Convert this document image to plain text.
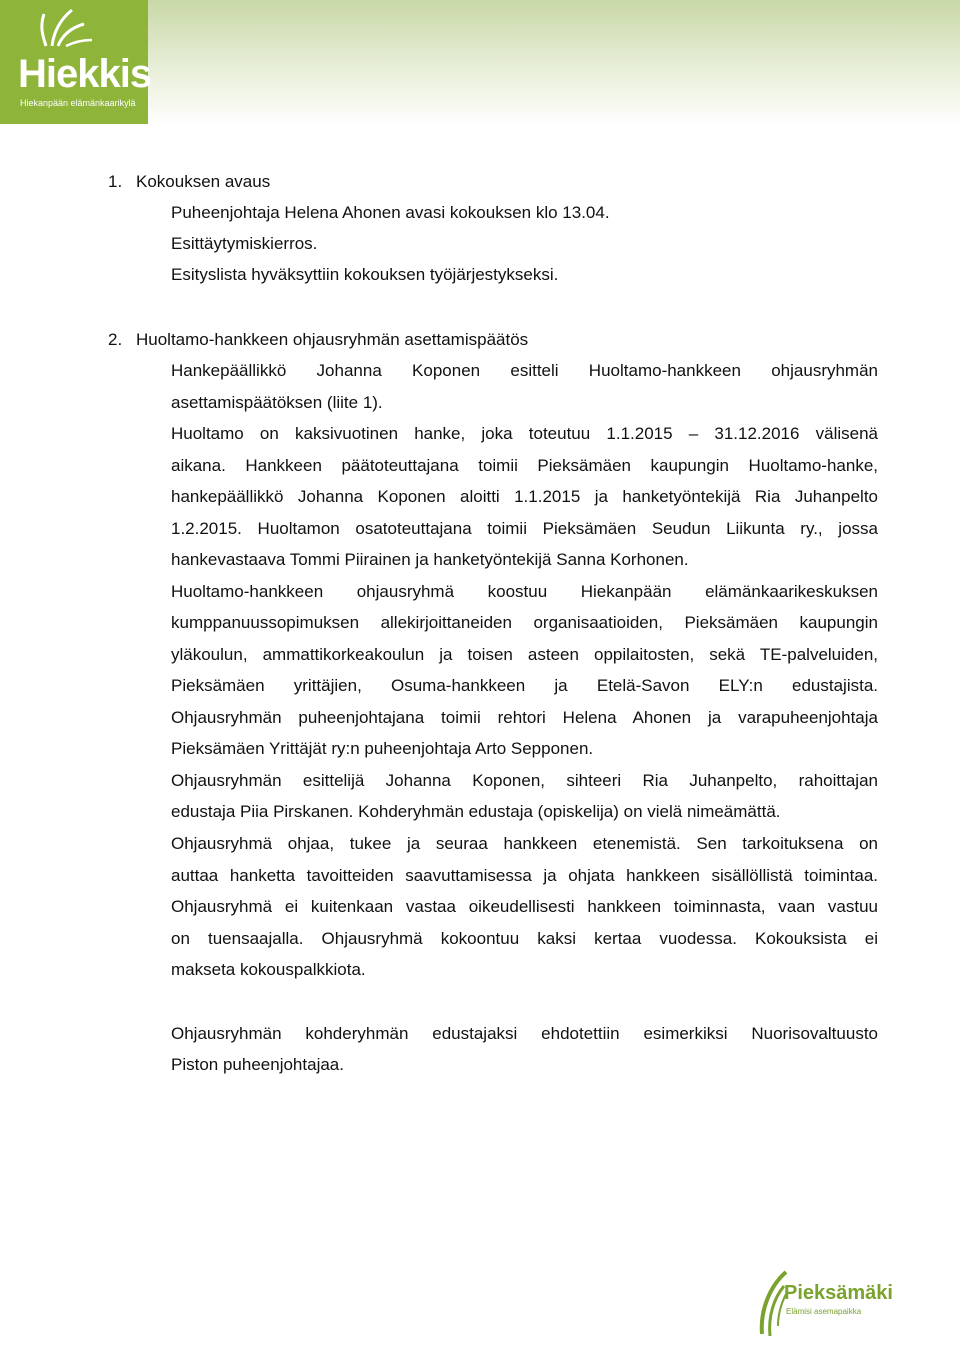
Hiekkis
Hiekanpään elämänkaarikylä
1. Kokouksen avaus
Puheenjohtaja Helena Ahonen avasi kokouksen klo 13.04.
Esittäytymiskierros.
Esityslista hyväksyttiin kokouksen työjärjestykseksi.
2. Huoltamo-hankkeen ohjausryhmän asettamispäätös
Hankepäällikkö Johanna Koponen esitteli Huoltamo-hankkeen ohjausryhmän
asettamispäätöksen (liite 1).
Huoltamo on kaksivuotinen hanke, joka toteutuu 1.1.2015 – 31.12.2016 välisenä
aikana. Hankkeen päätoteuttajana toimii Pieksämäen kaupungin Huoltamo-hanke,
hankepäällikkö Johanna Koponen aloitti 1.1.2015 ja hanketyöntekijä Ria Juhanpelto
1.2.2015. Huoltamon osatoteuttajana toimii Pieksämäen Seudun Liikunta ry., jossa
hankevastaava Tommi Piirainen ja hanketyöntekijä Sanna Korhonen.
Huoltamo-hankkeen ohjausryhmä koostuu Hiekanpään elämänkaarikeskuksen
kumppanuussopimuksen allekirjoittaneiden organisaatioiden, Pieksämäen kaupungin
yläkoulun, ammattikorkeakoulun ja toisen asteen oppilaitosten, sekä TE-palveluiden,
Pieksämäen yrittäjien, Osuma-hankkeen ja Etelä-Savon ELY:n edustajista.
Ohjausryhmän puheenjohtajana toimii rehtori Helena Ahonen ja varapuheenjohtaja
Pieksämäen Yrittäjät ry:n puheenjohtaja Arto Sepponen.
Ohjausryhmän esittelijä Johanna Koponen, sihteeri Ria Juhanpelto, rahoittajan
edustaja Piia Pirskanen. Kohderyhmän edustaja (opiskelija) on vielä nimeämättä.
Ohjausryhmä ohjaa, tukee ja seuraa hankkeen etenemistä. Sen tarkoituksena on
auttaa hanketta tavoitteiden saavuttamisessa ja ohjata hankkeen sisällöllistä toimintaa.
Ohjausryhmä ei kuitenkaan vastaa oikeudellisesti hankkeen toiminnasta, vaan vastuu
on tuensaajalla. Ohjausryhmä kokoontuu kaksi kertaa vuodessa. Kokouksista ei
makseta kokouspalkkiota.
Ohjausryhmän kohderyhmän edustajaksi ehdotettiin esimerkiksi Nuorisovaltuusto
Piston puheenjohtajaa.
Pieksämäki
Elämisi asemapaikka
